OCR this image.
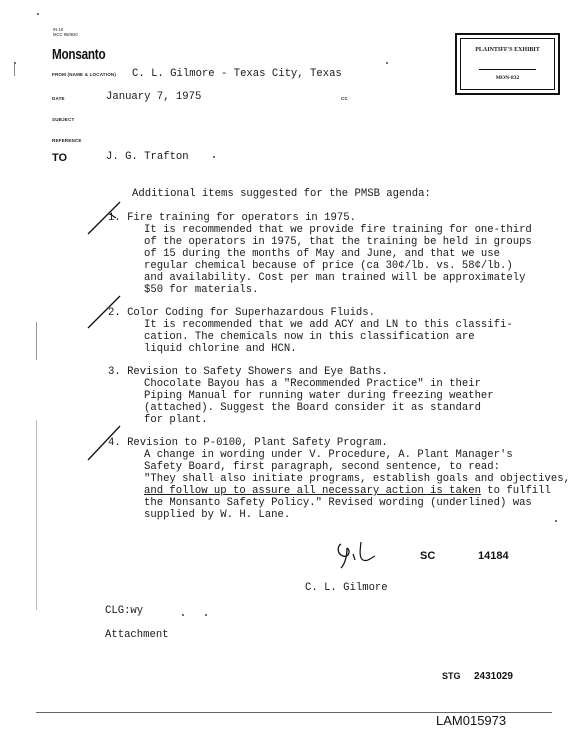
IN-10
MCC 950920
Monsanto
FROM (NAME & LOCATION) C. L. Gilmore - Texas City, Texas
DATE	January 7, 1975	CC
SUBJECT
REFERENCE
TO	J. G. Trafton
PLAINTIFF'S EXHIBIT
MON-832
Additional items suggested for the PMSB agenda:
1. Fire training for operators in 1975.
It is recommended that we provide fire training for one-third
of the operators in 1975, that the training be held in groups
of 15 during the months of May and June, and that we use
regular chemical because of price (ca 30¢/lb. vs. 58¢/lb.)
and availability. Cost per man trained will be approximately
$50 for materials.
2. Color Coding for Superhazardous Fluids.
It is recommended that we add ACY and LN to this classifi-
cation. The chemicals now in this classification are
liquid chlorine and HCN.
3. Revision to Safety Showers and Eye Baths.
Chocolate Bayou has a "Recommended Practice" in their
Piping Manual for running water during freezing weather
(attached). Suggest the Board consider it as standard
for plant.
4. Revision to P-0100, Plant Safety Program.
A change in wording under V. Procedure, A. Plant Manager's
Safety Board, first paragraph, second sentence, to read:
"They shall also initiate programs, establish goals and objectives,
and follow up to assure all necessary action is taken to fulfill
the Monsanto Safety Policy." Revised wording (underlined) was
supplied by W. H. Lane.
C. L. Gilmore
SC	14184
CLG:wy
Attachment
STG 2431029
LAM015973
